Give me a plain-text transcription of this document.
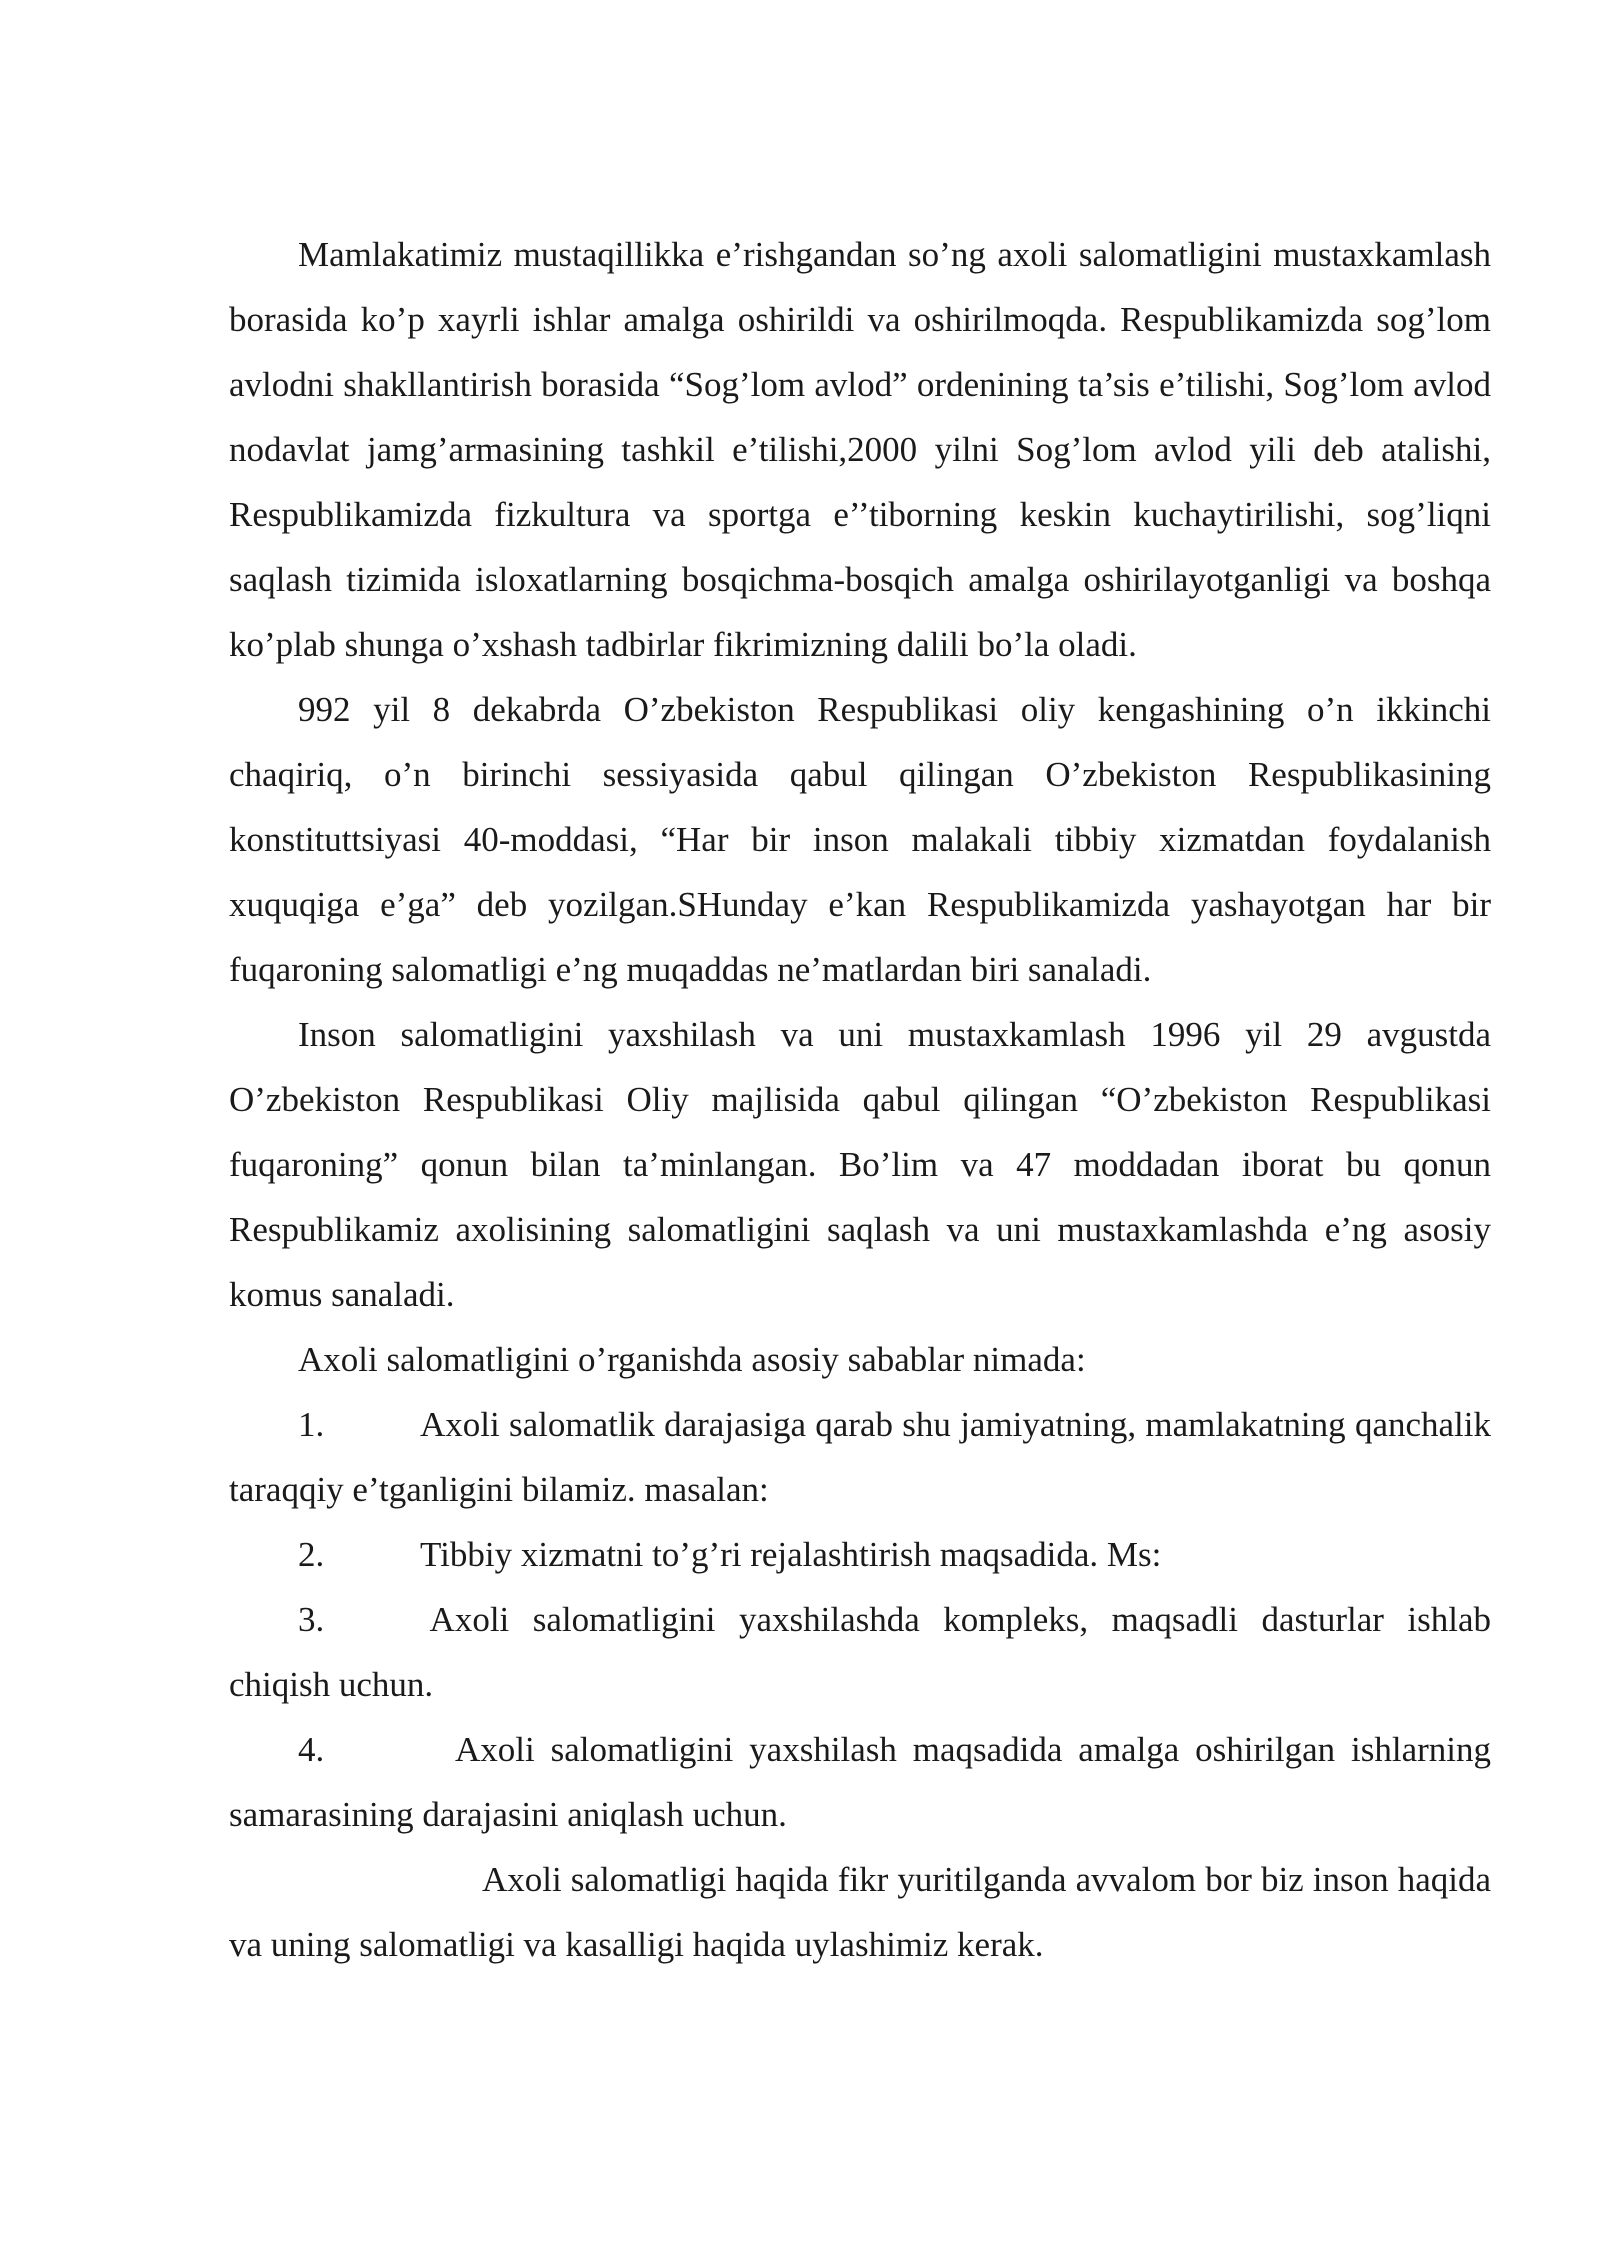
Mamlakatimiz mustaqillikka e’rishgandan so’ng axoli salomatligini mustaxkamlash borasida ko’p xayrli ishlar amalga oshirildi va oshirilmoqda. Respublikamizda sog’lom avlodni shakllantirish borasida “Sog’lom avlod” ordenining ta’sis e’tilishi, Sog’lom avlod nodavlat jamg’armasining tashkil e’tilishi,2000 yilni Sog’lom avlod yili deb atalishi, Respublikamizda fizkultura va sportga e’’tiborning keskin kuchaytirilishi, sog’liqni saqlash tizimida isloxatlarning bosqichma-bosqich amalga oshirilayotganligi va boshqa ko’plab shunga o’xshash tadbirlar fikrimizning dalili bo’la oladi.

992 yil 8 dekabrda O’zbekiston Respublikasi oliy kengashining o’n ikkinchi chaqiriq, o’n birinchi sessiyasida qabul qilingan O’zbekiston Respublikasining konstituttsiyasi 40-moddasi, “Har bir inson malakali tibbiy xizmatdan foydalanish xuquqiga e’ga” deb yozilgan.SHunday e’kan Respublikamizda yashayotgan har bir fuqaroning salomatligi e’ng muqaddas ne’matlardan biri sanaladi.

Inson salomatligini yaxshilash va uni mustaxkamlash 1996 yil 29 avgustda O’zbekiston Respublikasi Oliy majlisida qabul qilingan “O’zbekiston Respublikasi fuqaroning” qonun bilan ta’minlangan. Bo’lim va 47 moddadan iborat bu qonun Respublikamiz axolisining salomatligini saqlash va uni mustaxkamlashda e’ng asosiy komus sanaladi.

Axoli salomatligini o’rganishda asosiy sabablar nimada:

1.	Axoli salomatlik darajasiga qarab shu jamiyatning, mamlakatning qanchalik taraqqiy e’tganligini bilamiz. masalan:

2.	Tibbiy xizmatni to’g’ri rejalashtirish maqsadida. Ms:

3. Axoli salomatligini yaxshilashda kompleks, maqsadli dasturlar ishlab chiqish uchun.

4.	Axoli salomatligini yaxshilash maqsadida amalga oshirilgan ishlarning samarasining darajasini aniqlash uchun.

Axoli salomatligi haqida fikr yuritilganda avvalom bor biz inson haqida va uning salomatligi va kasalligi haqida uylashimiz kerak.
